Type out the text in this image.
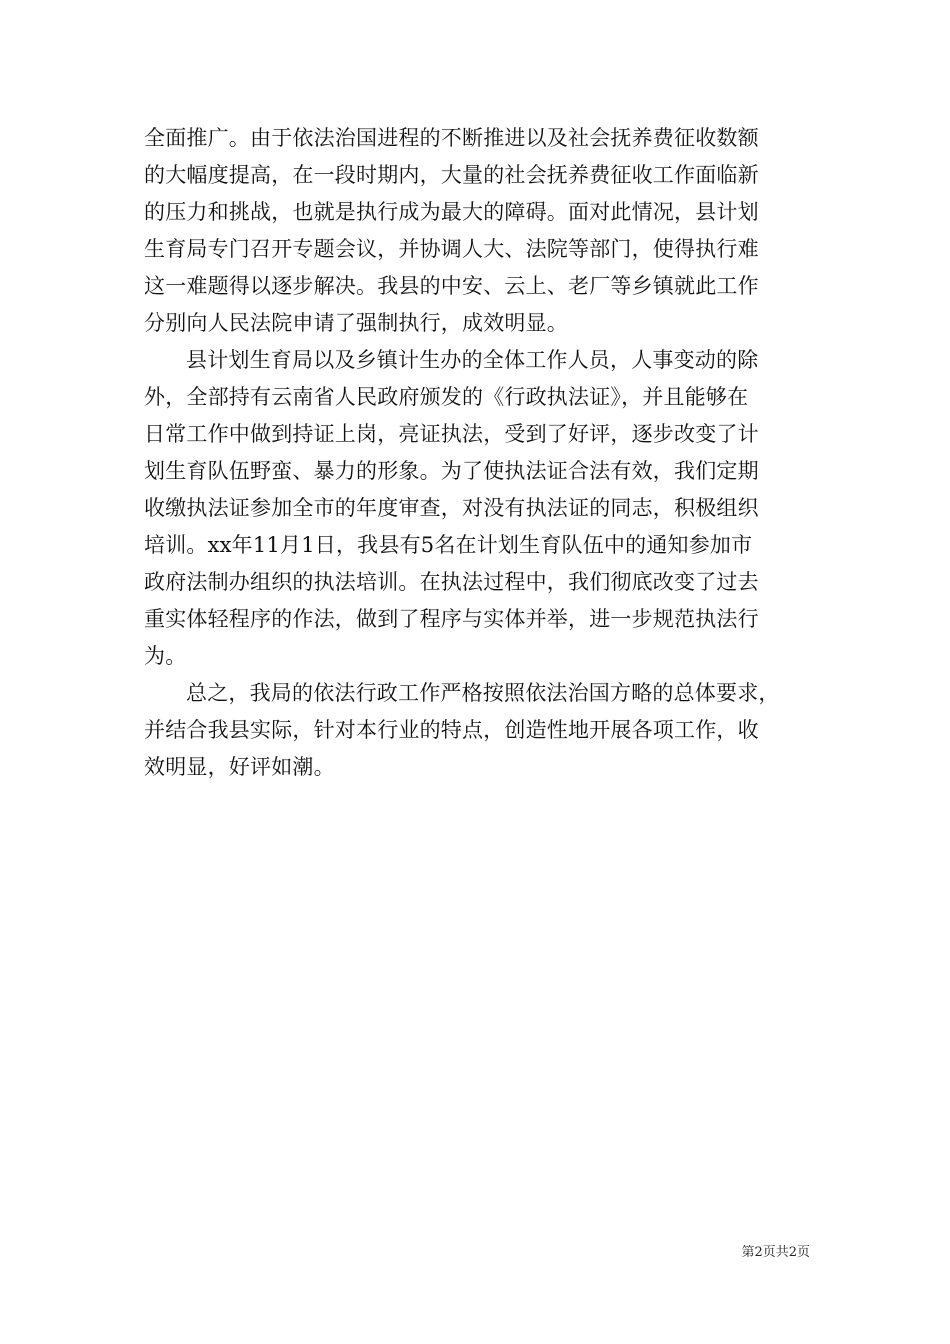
全面推广。由于依法治国进程的不断推进以及社会抚养费征收数额
的大幅度提高，在一段时期内，大量的社会抚养费征收工作面临新
的压力和挑战，也就是执行成为最大的障碍。面对此情况，县计划
生育局专门召开专题会议，并协调人大、法院等部门，使得执行难
这一难题得以逐步解决。我县的中安、云上、老厂等乡镇就此工作
分别向人民法院申请了强制执行，成效明显。
县计划生育局以及乡镇计生办的全体工作人员，人事变动的除
外，全部持有云南省人民政府颁发的《行政执法证》，并且能够在
日常工作中做到持证上岗，亮证执法，受到了好评，逐步改变了计
划生育队伍野蛮、暴力的形象。为了使执法证合法有效，我们定期
收缴执法证参加全市的年度审查，对没有执法证的同志，积极组织
培训。xx年11月1日，我县有5名在计划生育队伍中的通知参加市
政府法制办组织的执法培训。在执法过程中，我们彻底改变了过去
重实体轻程序的作法，做到了程序与实体并举，进一步规范执法行
为。
总之，我局的依法行政工作严格按照依法治国方略的总体要求，
并结合我县实际，针对本行业的特点，创造性地开展各项工作，收
效明显，好评如潮。
第2页共2页
